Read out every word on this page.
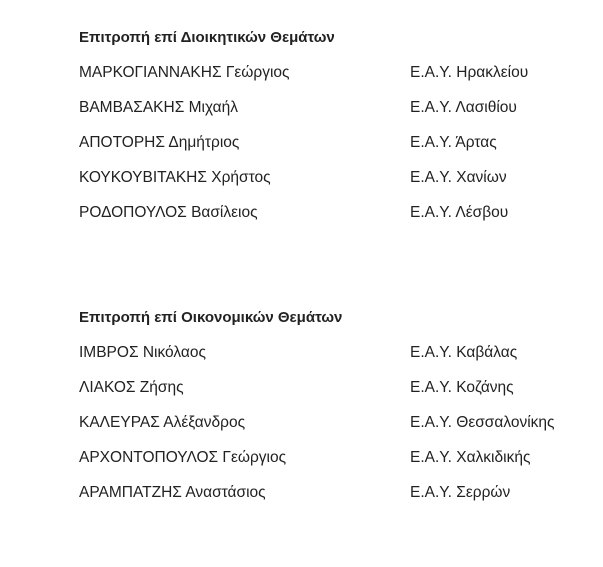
Επιτροπή επί Διοικητικών Θεμάτων
ΜΑΡΚΟΓΙΑΝΝΑΚΗΣ Γεώργιος	Ε.Α.Υ. Ηρακλείου
ΒΑΜΒΑΣΑΚΗΣ Μιχαήλ	Ε.Α.Υ. Λασιθίου
ΑΠΟΤΟΡΗΣ Δημήτριος	Ε.Α.Υ. Άρτας
ΚΟΥΚΟΥΒΙΤΑΚΗΣ Χρήστος	Ε.Α.Υ. Χανίων
ΡΟΔΟΠΟΥΛΟΣ Βασίλειος	Ε.Α.Υ. Λέσβου
Επιτροπή επί Οικονομικών Θεμάτων
ΙΜΒΡΟΣ Νικόλαος	Ε.Α.Υ. Καβάλας
ΛΙΑΚΟΣ Ζήσης	Ε.Α.Υ. Κοζάνης
ΚΑΛΕΥΡΑΣ Αλέξανδρος	Ε.Α.Υ. Θεσσαλονίκης
ΑΡΧΟΝΤΟΠΟΥΛΟΣ Γεώργιος	Ε.Α.Υ. Χαλκιδικής
ΑΡΑΜΠΑΤΖΗΣ Αναστάσιος	Ε.Α.Υ. Σερρών
